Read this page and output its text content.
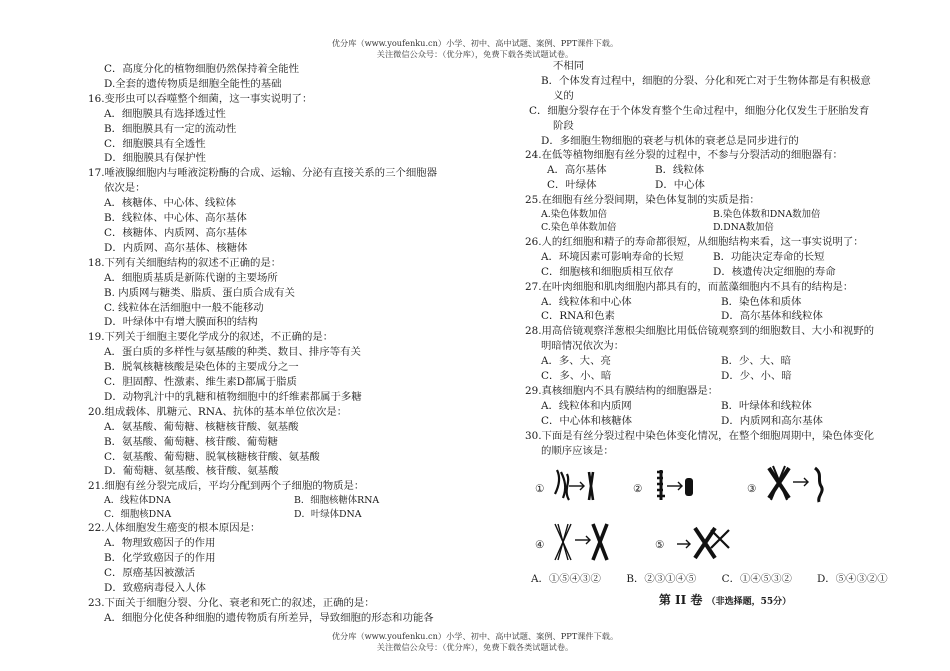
优分库（www.youfenku.cn）小学、初中、高中试题、案例、PPT课件下载。
关注微信公众号：（优分库），免费下载各类试题试卷。
C．高度分化的植物细胞仍然保持着全能性
D.全套的遗传物质是细胞全能性的基础
16.变形虫可以吞噬整个细菌，这一事实说明了：
A．细胞膜具有选择透过性
B．细胞膜具有一定的流动性
C．细胞膜具有全透性
D．细胞膜具有保护性
17.唾液腺细胞内与唾液淀粉酶的合成、运输、分泌有直接关系的三个细胞器
依次是：
A．核糖体、中心体、线粒体
B．线粒体、中心体、高尔基体
C．核糖体、内质网、高尔基体
D．内质网、高尔基体、核糖体
18.下列有关细胞结构的叙述不正确的是：
A．细胞质基质是新陈代谢的主要场所
B. 内质网与糖类、脂质、蛋白质合成有关
C. 线粒体在活细胞中一般不能移动
D．叶绿体中有增大膜面积的结构
19.下列关于细胞主要化学成分的叙述，不正确的是：
A．蛋白质的多样性与氨基酸的种类、数目、排序等有关
B．脱氧核糖核酸是染色体的主要成分之一
C．胆固醇、性激素、维生素D都属于脂质
D．动物乳汁中的乳糖和植物细胞中的纤维素都属于多糖
20.组成载体、肌糖元、RNA、抗体的基本单位依次是：
A．氨基酸、葡萄糖、核糖核苷酸、氨基酸
B．氨基酸、葡萄糖、核苷酸、葡萄糖
C．氨基酸、葡萄糖、脱氧核糖核苷酸、氨基酸
D．葡萄糖、氨基酸、核苷酸、氨基酸
21.细胞有丝分裂完成后，平均分配到两个子细胞的物质是：
A．线粒体DNA	B．细胞核糖体RNA
C．细胞核DNA	D．叶绿体DNA
22.人体细胞发生癌变的根本原因是：
A．物理致癌因子的作用
B．化学致癌因子的作用
C．原癌基因被激活
D．致癌病毒侵入人体
23.下面关于细胞分裂、分化、衰老和死亡的叙述，正确的是：
A．细胞分化使各种细胞的遗传物质有所差异，导致细胞的形态和功能各
不相同
B．个体发育过程中，细胞的分裂、分化和死亡对于生物体都是有积极意
义的
C．细胞分裂存在于个体发育整个生命过程中，细胞分化仅发生于胚胎发育
阶段
D．多细胞生物细胞的衰老与机体的衰老总是同步进行的
24.在低等植物细胞有丝分裂的过程中，不参与分裂活动的细胞器有：
A．高尔基体	B．线粒体
C．叶绿体	D．中心体
25.在细胞有丝分裂间期，染色体复制的实质是指：
A.染色体数加倍	B.染色体数和DNA数加倍
C.染色单体数加倍	D.DNA数加倍
26.人的红细胞和精子的寿命都很短，从细胞结构来看，这一事实说明了：
A．环境因素可影响寿命的长短	B．功能决定寿命的长短
C．细胞核和细胞质相互依存	D．核遗传决定细胞的寿命
27.在叶肉细胞和肌肉细胞内都具有的，而蓝藻细胞内不具有的结构是：
A．线粒体和中心体	B．染色体和质体
C．RNA和色素	D．高尔基体和线粒体
28.用高倍镜观察洋葱根尖细胞比用低倍镜观察到的细胞数目、大小和视野的
明暗情况依次为：
A．多、大、亮	B．少、大、暗
C．多、小、暗	D．少、小、暗
29.真核细胞内不具有膜结构的细胞器是：
A．线粒体和内质网	B．叶绿体和线粒体
C．中心体和核糖体	D．内质网和高尔基体
30.下面是有丝分裂过程中染色体变化情况，在整个细胞周期中，染色体变化
的顺序应该是：
①	②	③
④	⑤
A．①⑤④③② B．②③①④⑤ C．①④⑤③② D．⑤④③②①
第 II 卷 （非选择题，55分）
优分库（www.youfenku.cn）小学、初中、高中试题、案例、PPT课件下载。
关注微信公众号：（优分库），免费下载各类试题试卷。
